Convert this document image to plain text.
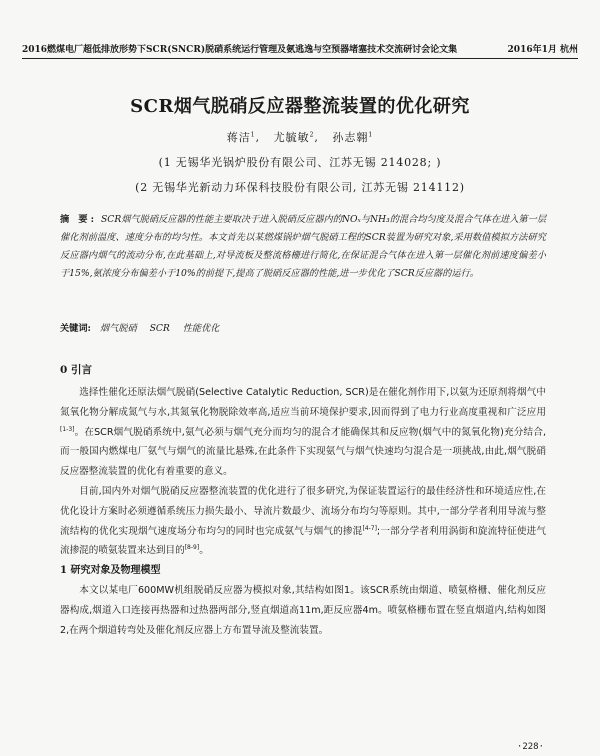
2016燃煤电厂超低排放形势下SCR(SNCR)脱硝系统运行管理及氨逃逸与空预器堵塞技术交流研讨会论文集	2016年1月 杭州
SCR烟气脱硝反应器整流装置的优化研究
蒋洁$^1$,   尤毓敏$^2$,   孙志翱$^1$
(1 无锡华光锅炉股份有限公司、江苏无锡 214028; )
(2 无锡华光新动力环保科技股份有限公司, 江苏无锡 214112)
摘 要: SCR烟气脱硝反应器的性能主要取决于进入脱硝反应器内的NOₓ与NH₃的混合均匀度及混合气体在进入第一层催化剂前温度、速度分布的均匀性。本文首先以某燃煤锅炉烟气脱硝工程的SCR装置为研究对象,采用数值模拟方法研究反应器内烟气的流动分布,在此基础上,对导流板及整流格栅进行简化,在保证混合气体在进入第一层催化剂前速度偏差小于15%,氨浓度分布偏差小于10%的前提下,提高了脱硝反应器的性能,进一步优化了SCR反应器的运行。
关键词: 烟气脱硝 SCR 性能优化
0 引言

选择性催化还原法烟气脱硝(Selective Catalytic Reduction, SCR)是在催化剂作用下,以氨为还原剂将烟气中氮氧化物分解成氮气与水,其氮氧化物脱除效率高,适应当前环境保护要求,因而得到了电力行业高度重视和广泛应用[1-3]。在SCR烟气脱硝系统中,氨气必须与烟气充分而均匀的混合才能确保其和反应物(烟气中的氮氧化物)充分结合,而一般国内燃煤电厂氨气与烟气的流量比悬殊,在此条件下实现氨气与烟气快速均匀混合是一项挑战,由此,烟气脱硝反应器整流装置的优化有着重要的意义。

目前,国内外对烟气脱硝反应器整流装置的优化进行了很多研究,为保证装置运行的最佳经济性和环境适应性,在优化设计方案时必须遵循系统压力损失最小、导流片数最少、流场分布均匀等原则。其中,一部分学者利用导流与整流结构的优化实现烟气速度场分布均匀的同时也完成氨气与烟气的掺混[4-7];一部分学者利用涡街和旋流特征使进气流掺混的喷氨装置来达到目的[8-9]。

1 研究对象及物理模型

本文以某电厂600MW机组脱硝反应器为模拟对象,其结构如图1。该SCR系统由烟道、喷氨格栅、催化剂反应器构成,烟道入口连接再热器和过热器两部分,竖直烟道高11m,距反应器4m。喷氨格栅布置在竖直烟道内,结构如图2,在两个烟道转弯处及催化剂反应器上方布置导流及整流装置。

·228·
